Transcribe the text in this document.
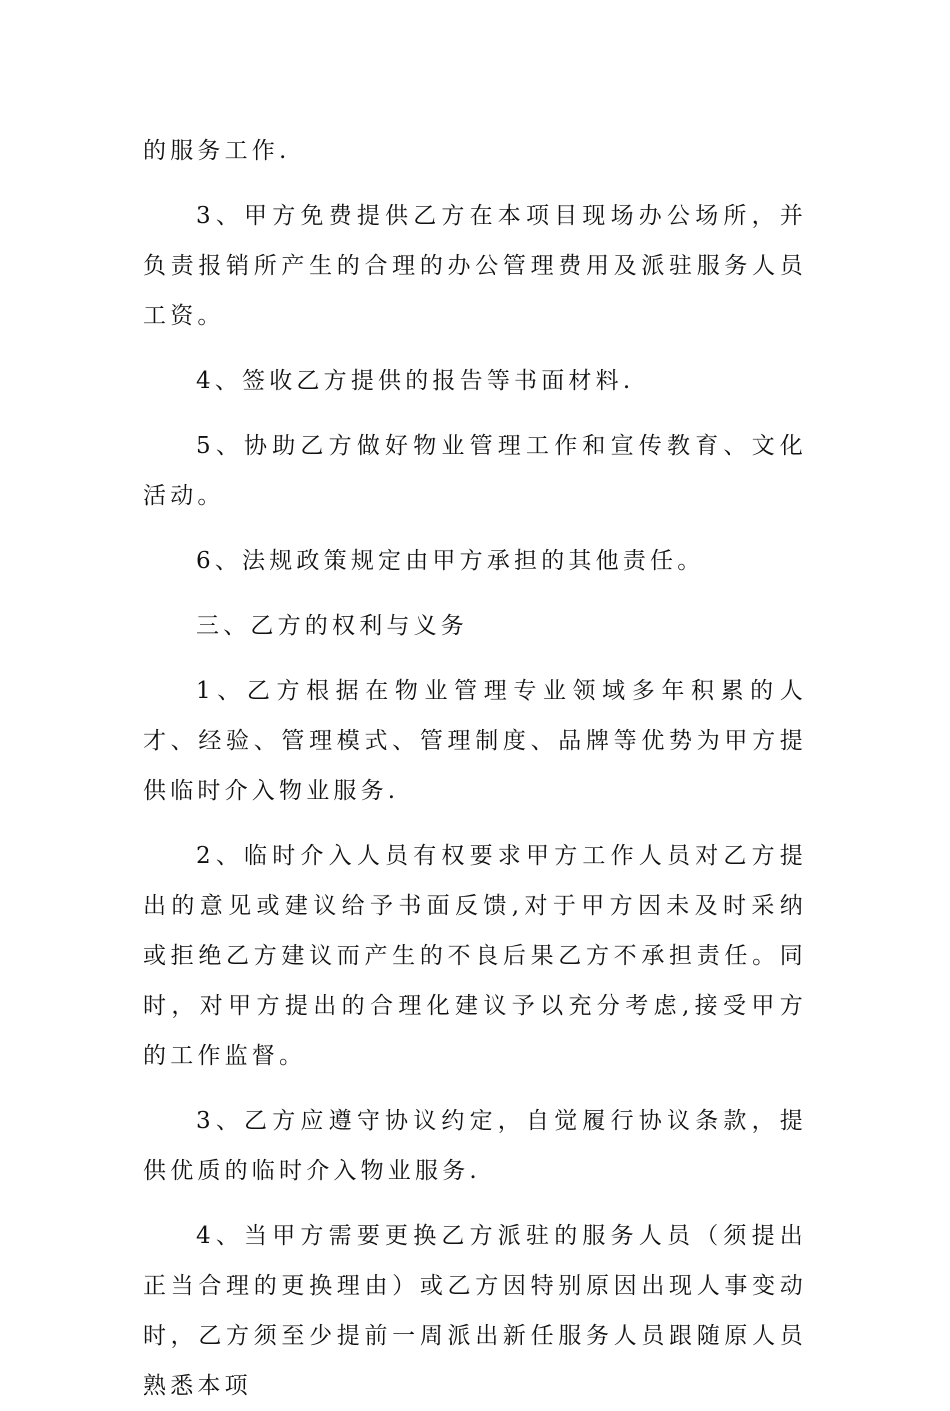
的服务工作.

3、甲方免费提供乙方在本项目现场办公场所，并负责报销所产生的合理的办公管理费用及派驻服务人员工资。

4、签收乙方提供的报告等书面材料.

5、协助乙方做好物业管理工作和宣传教育、文化活动。

6、法规政策规定由甲方承担的其他责任。

三、乙方的权利与义务

1、乙方根据在物业管理专业领域多年积累的人才、经验、管理模式、管理制度、品牌等优势为甲方提供临时介入物业服务.

2、临时介入人员有权要求甲方工作人员对乙方提出的意见或建议给予书面反馈,对于甲方因未及时采纳或拒绝乙方建议而产生的不良后果乙方不承担责任。同时，对甲方提出的合理化建议予以充分考虑,接受甲方的工作监督。

3、乙方应遵守协议约定，自觉履行协议条款，提供优质的临时介入物业服务.

4、当甲方需要更换乙方派驻的服务人员（须提出正当合理的更换理由）或乙方因特别原因出现人事变动时，乙方须至少提前一周派出新任服务人员跟随原人员熟悉本项
